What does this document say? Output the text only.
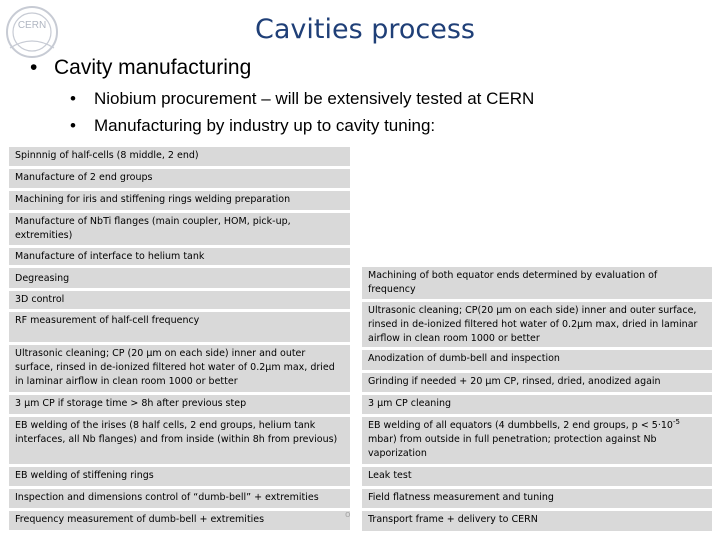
CERN	Cavities process
• Cavity manufacturing
• Niobium procurement – will be extensively tested at CERN
• Manufacturing by industry up to cavity tuning:
Spinnnig of half-cells (8 middle, 2 end)
Manufacture of 2 end groups
Machining for iris and stiffening rings welding preparation
Manufacture of NbTi flanges (main coupler, HOM, pick-up, extremities)
Manufacture of interface to helium tank
Degreasing
3D control
RF measurement of half-cell frequency
Ultrasonic cleaning; CP (20 µm on each side) inner and outer surface, rinsed in de-ionized filtered hot water of 0.2µm max, dried in laminar airflow in clean room 1000 or better
3 µm CP if storage time > 8h after previous step
EB welding of the irises (8 half cells, 2 end groups, helium tank interfaces, all Nb flanges) and from inside (within 8h from previous)
EB welding of stiffening rings
Inspection and dimensions control of “dumb-bell” + extremities
Frequency measurement of dumb-bell + extremities	o
Machining of both equator ends determined by evaluation of frequency
Ultrasonic cleaning; CP(20 µm on each side) inner and outer surface, rinsed in de-ionized filtered hot water of 0.2µm max, dried in laminar airflow in clean room 1000 or better
Anodization of dumb-bell and inspection
Grinding if needed + 20 µm CP, rinsed, dried, anodized again
3 µm CP cleaning
EB welding of all equators (4 dumbbells, 2 end groups, $p < 5\cdot 10^{-5}$ mbar) from outside in full penetration; protection against Nb vaporization
Leak test
Field flatness measurement and tuning
Transport frame + delivery to CERN
